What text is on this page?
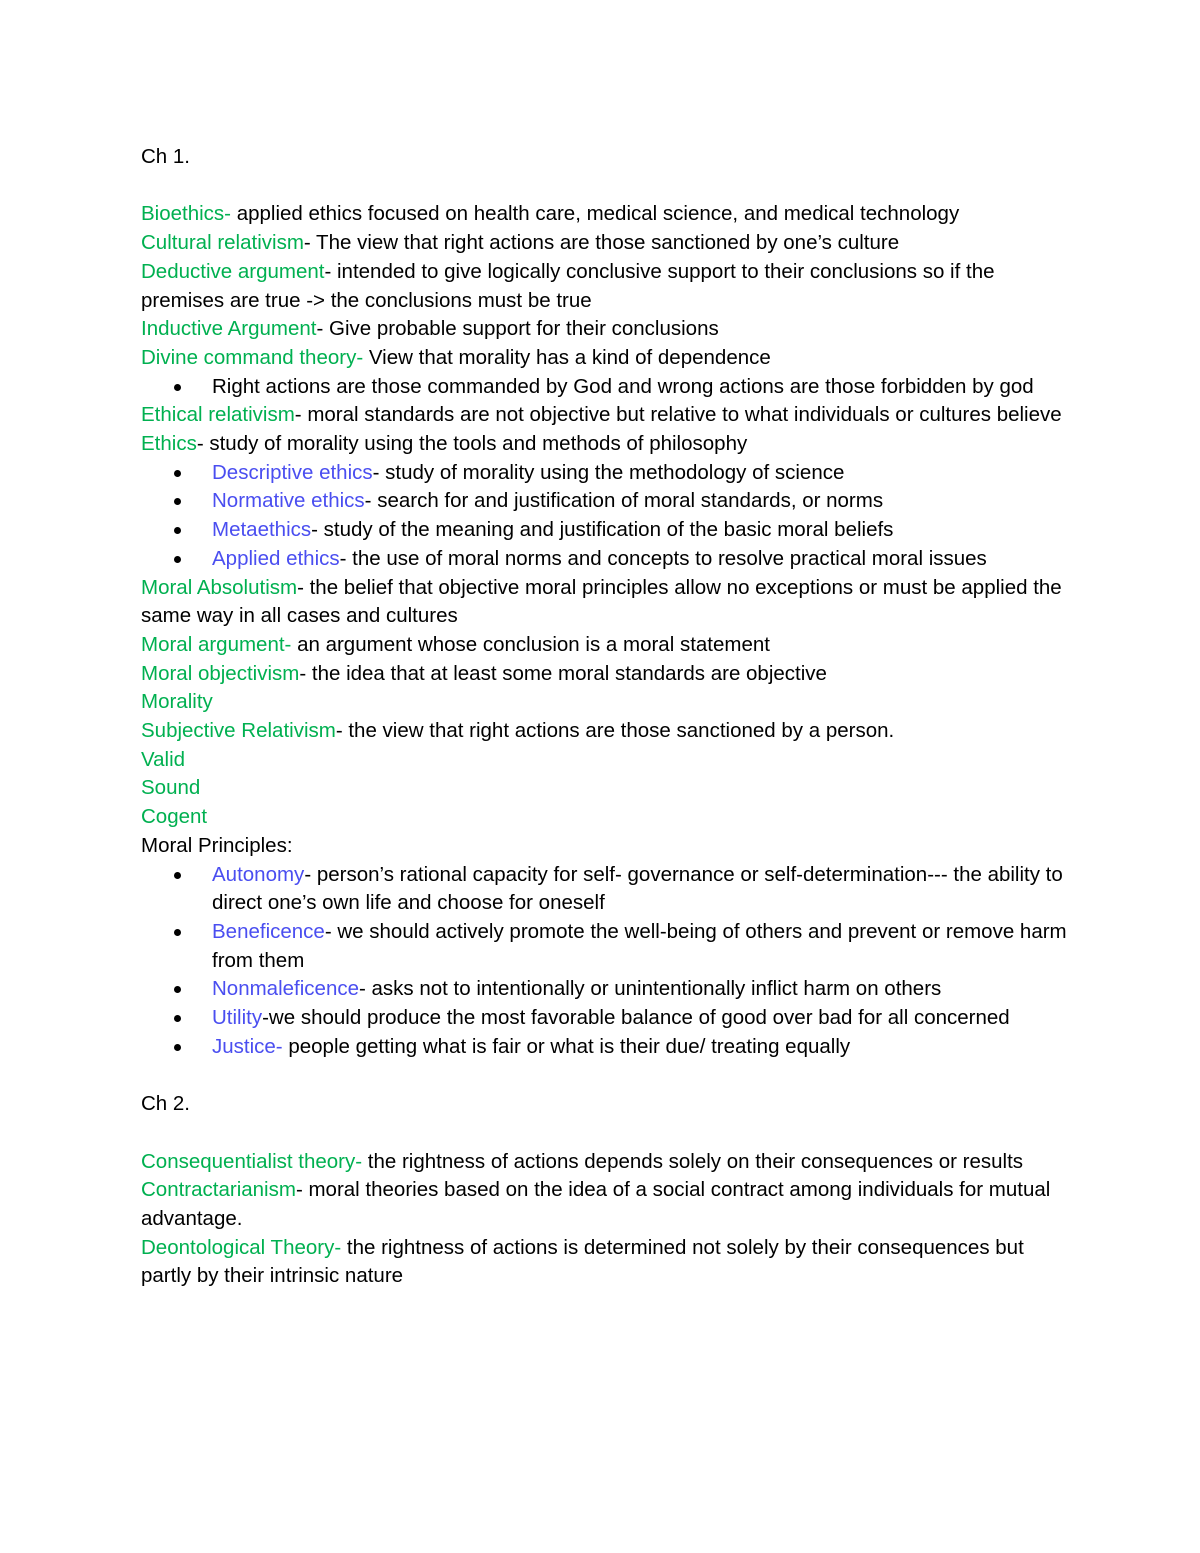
Ch 1.

Bioethics- applied ethics focused on health care, medical science, and medical technology

Cultural relativism- The view that right actions are those sanctioned by one’s culture

Deductive argument- intended to give logically conclusive support to their conclusions so if the premises are true -> the conclusions must be true

Inductive Argument- Give probable support for their conclusions

Divine command theory- View that morality has a kind of dependence

Right actions are those commanded by God and wrong actions are those forbidden by god

Ethical relativism- moral standards are not objective but relative to what individuals or cultures believe

Ethics- study of morality using the tools and methods of philosophy

Descriptive ethics- study of morality using the methodology of science
Normative ethics- search for and justification of moral standards, or norms
Metaethics- study of the meaning and justification of the basic moral beliefs
Applied ethics- the use of moral norms and concepts to resolve practical moral issues

Moral Absolutism- the belief that objective moral principles allow no exceptions or must be applied the same way in all cases and cultures

Moral argument- an argument whose conclusion is a moral statement

Moral objectivism- the idea that at least some moral standards are objective

Morality

Subjective Relativism- the view that right actions are those sanctioned by a person.

Valid

Sound

Cogent

Moral Principles:

Autonomy- person’s rational capacity for self- governance or self-determination--- the ability to direct one’s own life and choose for oneself
Beneficence- we should actively promote the well-being of others and prevent or remove harm from them
Nonmaleficence- asks not to intentionally or unintentionally inflict harm on others
Utility-we should produce the most favorable balance of good over bad for all concerned
Justice- people getting what is fair or what is their due/ treating equally

Ch 2.

Consequentialist theory- the rightness of actions depends solely on their consequences or results

Contractarianism- moral theories based on the idea of a social contract among individuals for mutual advantage.

Deontological Theory- the rightness of actions is determined not solely by their consequences but partly by their intrinsic nature
